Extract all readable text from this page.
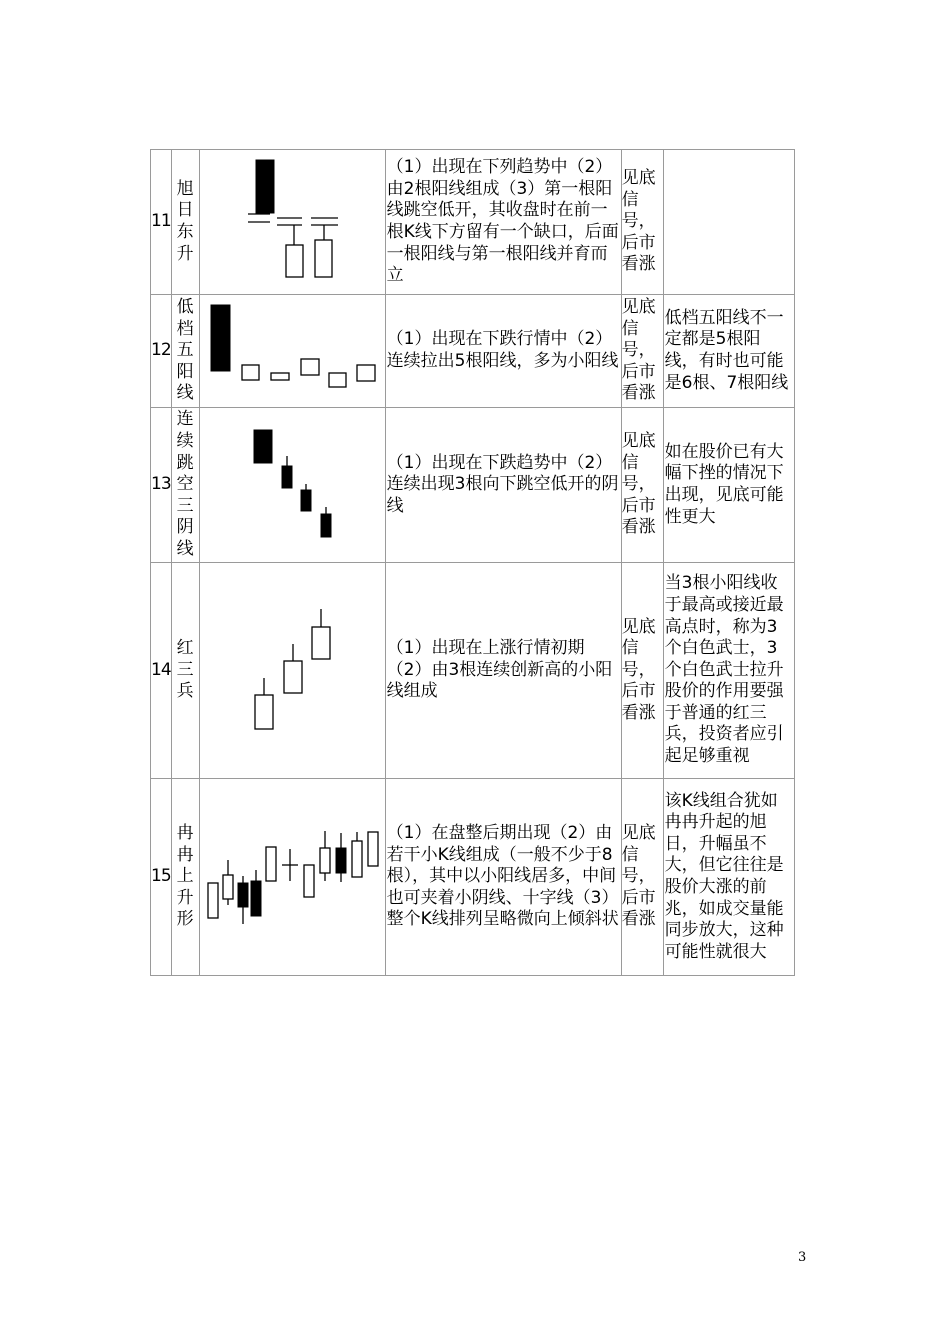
11	旭日东升		（1）出现在下列趋势中（2）由2根阳线组成（3）第一根阳线跳空低开，其收盘时在前一根K线下方留有一个缺口，后面一根阳线与第一根阳线并育而立	见底信号，后市看涨	
12	低档五阳线		（1）出现在下跌行情中（2）连续拉出5根阳线，多为小阳线	见底信号，后市看涨	低档五阳线不一定都是5根阳线，有时也可能是6根、7根阳线
13	连续跳空三阴线		（1）出现在下跌趋势中（2）连续出现3根向下跳空低开的阴线	见底信号，后市看涨	如在股价已有大幅下挫的情况下出现，见底可能性更大
14	红三兵		（1）出现在上涨行情初期（2）由3根连续创新高的小阳线组成	见底信号，后市看涨	当3根小阳线收于最高或接近最高点时，称为3个白色武士，3个白色武士拉升股价的作用要强于普通的红三兵，投资者应引起足够重视
15	冉冉上升形		（1）在盘整后期出现（2）由若干小K线组成（一般不少于8根），其中以小阳线居多，中间也可夹着小阴线、十字线（3）整个K线排列呈略微向上倾斜状	见底信号，后市看涨	该K线组合犹如冉冉升起的旭日，升幅虽不大，但它往往是股价大涨的前兆，如成交量能同步放大，这种可能性就很大
3
